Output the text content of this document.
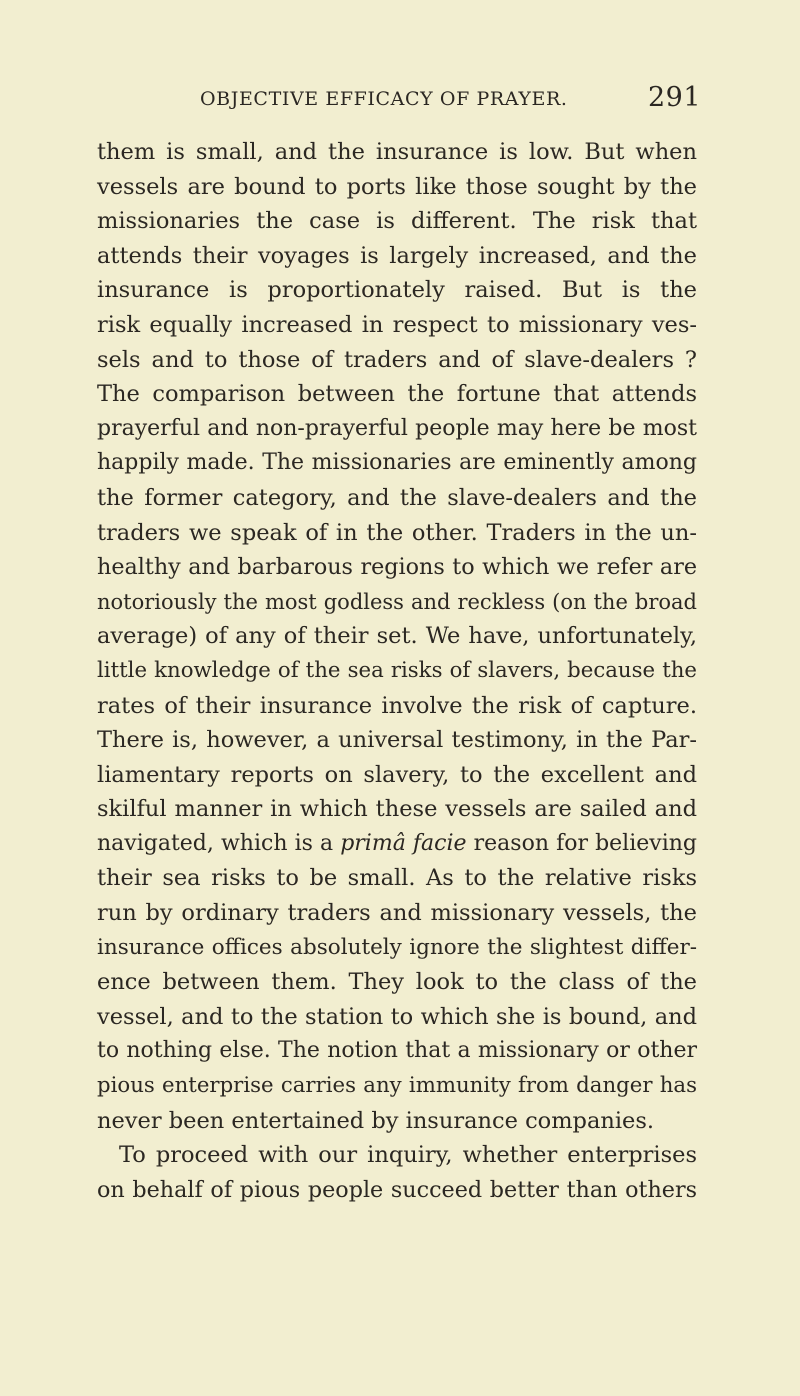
OBJECTIVE EFFICACY OF PRAYER.	291
them is small, and the insurance is low. But when
vessels are bound to ports like those sought by the
missionaries the case is different. The risk that
attends their voyages is largely increased, and the
insurance is proportionately raised. But is the
risk equally increased in respect to missionary ves-
sels and to those of traders and of slave-dealers ?
The comparison between the fortune that attends
prayerful and non-prayerful people may here be most
happily made. The missionaries are eminently among
the former category, and the slave-dealers and the
traders we speak of in the other. Traders in the un-
healthy and barbarous regions to which we refer are
notoriously the most godless and reckless (on the broad
average) of any of their set. We have, unfortunately,
little knowledge of the sea risks of slavers, because the
rates of their insurance involve the risk of capture.
There is, however, a universal testimony, in the Par-
liamentary reports on slavery, to the excellent and
skilful manner in which these vessels are sailed and
navigated, which is a primâ facie reason for believing
their sea risks to be small. As to the relative risks
run by ordinary traders and missionary vessels, the
insurance offices absolutely ignore the slightest differ-
ence between them. They look to the class of the
vessel, and to the station to which she is bound, and
to nothing else. The notion that a missionary or other
pious enterprise carries any immunity from danger has
never been entertained by insurance companies.
To proceed with our inquiry, whether enterprises
on behalf of pious people succeed better than others
